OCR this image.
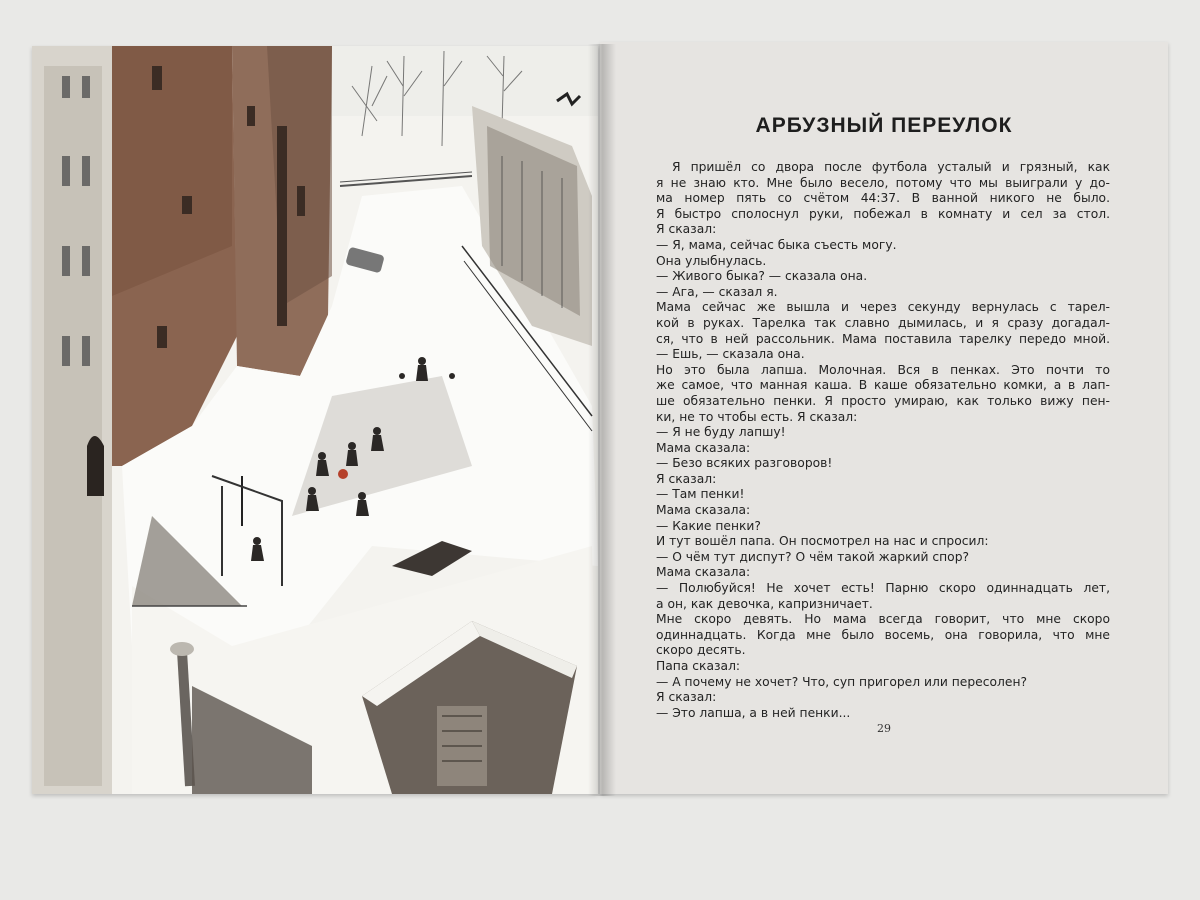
АРБУЗНЫЙ ПЕРЕУЛОК
Я пришёл со двора после футбола усталый и грязный, как
я не знаю кто. Мне было весело, потому что мы выиграли у до-
ма номер пять со счётом 44:37. В ванной никого не было.
Я быстро сполоснул руки, побежал в комнату и сел за стол.
Я сказал:
— Я, мама, сейчас быка съесть могу.
Она улыбнулась.
— Живого быка? — сказала она.
— Ага, — сказал я.
Мама сейчас же вышла и через секунду вернулась с тарел-
кой в руках. Тарелка так славно дымилась, и я сразу догадал-
ся, что в ней рассольник. Мама поставила тарелку передо мной.
— Ешь, — сказала она.
Но это была лапша. Молочная. Вся в пенках. Это почти то
же самое, что манная каша. В каше обязательно комки, а в лап-
ше обязательно пенки. Я просто умираю, как только вижу пен-
ки, не то чтобы есть. Я сказал:
— Я не буду лапшу!
Мама сказала:
— Безо всяких разговоров!
Я сказал:
— Там пенки!
Мама сказала:
— Какие пенки?
И тут вошёл папа. Он посмотрел на нас и спросил:
— О чём тут диспут? О чём такой жаркий спор?
Мама сказала:
— Полюбуйся! Не хочет есть! Парню скоро одиннадцать лет,
а он, как девочка, капризничает.
Мне скоро девять. Но мама всегда говорит, что мне скоро
одиннадцать. Когда мне было восемь, она говорила, что мне
скоро десять.
Папа сказал:
— А почему не хочет? Что, суп пригорел или пересолен?
Я сказал:
— Это лапша, а в ней пенки...
29
